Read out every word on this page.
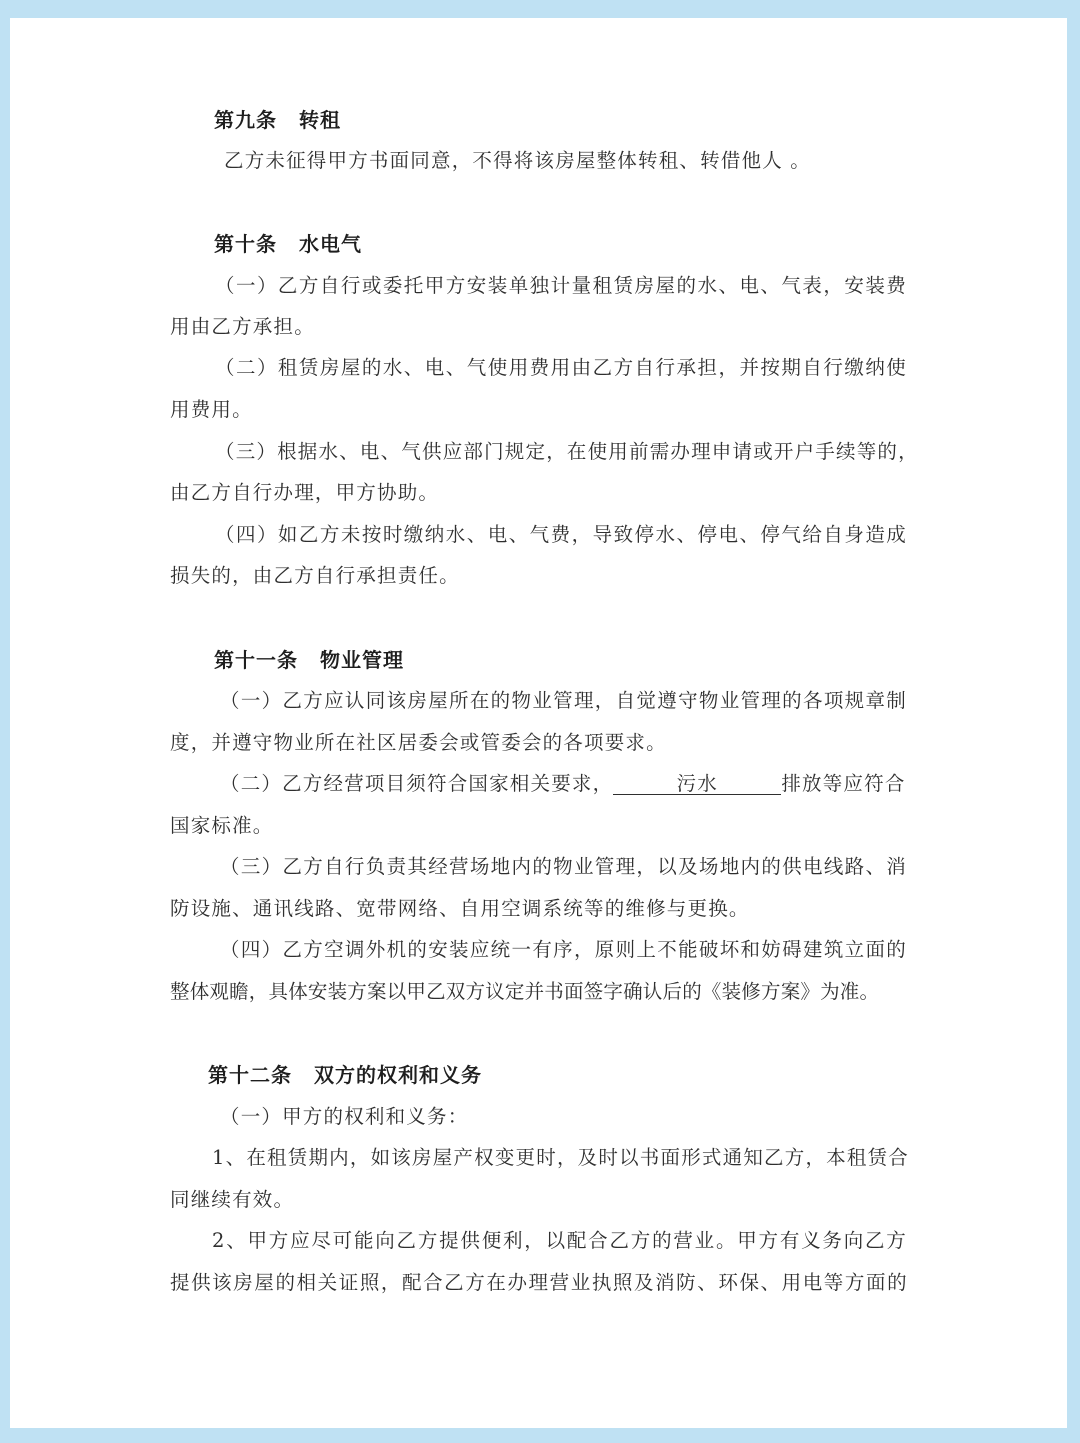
第九条 转租
乙方未征得甲方书面同意，不得将该房屋整体转租、转借他人 。
第十条 水电气
（一）乙方自行或委托甲方安装单独计量租赁房屋的水、电、气表，安装费
用由乙方承担。
（二）租赁房屋的水、电、气使用费用由乙方自行承担，并按期自行缴纳使
用费用。
（三）根据水、电、气供应部门规定，在使用前需办理申请或开户手续等的，
由乙方自行办理，甲方协助。
（四）如乙方未按时缴纳水、电、气费，导致停水、停电、停气给自身造成
损失的，由乙方自行承担责任。
第十一条 物业管理
（一）乙方应认同该房屋所在的物业管理，自觉遵守物业管理的各项规章制
度，并遵守物业所在社区居委会或管委会的各项要求。
（二）乙方经营项目须符合国家相关要求，	污水	排放等应符合
国家标准。
（三）乙方自行负责其经营场地内的物业管理，以及场地内的供电线路、消
防设施、通讯线路、宽带网络、自用空调系统等的维修与更换。
（四）乙方空调外机的安装应统一有序，原则上不能破坏和妨碍建筑立面的
整体观瞻，具体安装方案以甲乙双方议定并书面签字确认后的《装修方案》为准。
第十二条 双方的权利和义务
（一）甲方的权利和义务：
1、在租赁期内，如该房屋产权变更时，及时以书面形式通知乙方，本租赁合
同继续有效。
2、甲方应尽可能向乙方提供便利，以配合乙方的营业。甲方有义务向乙方
提供该房屋的相关证照，配合乙方在办理营业执照及消防、环保、用电等方面的
